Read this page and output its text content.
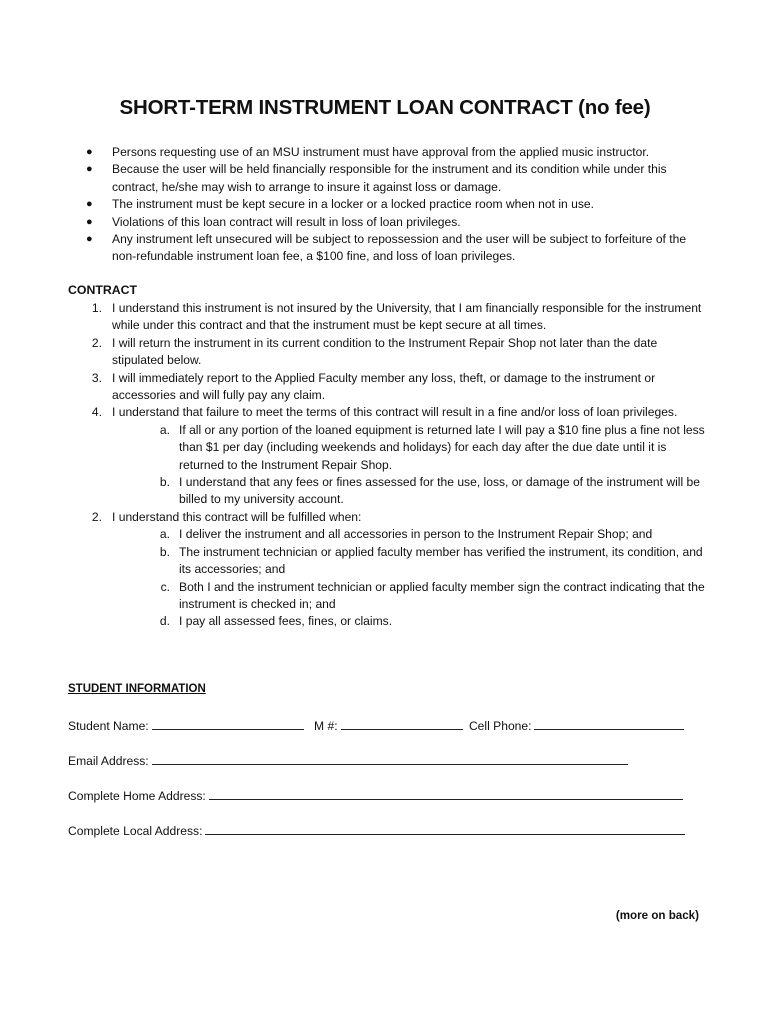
SHORT-TERM INSTRUMENT LOAN CONTRACT (no fee)
● Persons requesting use of an MSU instrument must have approval from the applied music instructor.
● Because the user will be held financially responsible for the instrument and its condition while under this contract, he/she may wish to arrange to insure it against loss or damage.
● The instrument must be kept secure in a locker or a locked practice room when not in use.
● Violations of this loan contract will result in loss of loan privileges.
● Any instrument left unsecured will be subject to repossession and the user will be subject to forfeiture of the non-refundable instrument loan fee, a $100 fine, and loss of loan privileges.
CONTRACT
1. I understand this instrument is not insured by the University, that I am financially responsible for the instrument while under this contract and that the instrument must be kept secure at all times.
2. I will return the instrument in its current condition to the Instrument Repair Shop not later than the date stipulated below.
3. I will immediately report to the Applied Faculty member any loss, theft, or damage to the instrument or accessories and will fully pay any claim.
4. I understand that failure to meet the terms of this contract will result in a fine and/or loss of loan privileges.
a. If all or any portion of the loaned equipment is returned late I will pay a $10 fine plus a fine not less than $1 per day (including weekends and holidays) for each day after the due date until it is returned to the Instrument Repair Shop.
b. I understand that any fees or fines assessed for the use, loss, or damage of the instrument will be billed to my university account.
2. I understand this contract will be fulfilled when:
a. I deliver the instrument and all accessories in person to the Instrument Repair Shop; and
b. The instrument technician or applied faculty member has verified the instrument, its condition, and its accessories; and
c. Both I and the instrument technician or applied faculty member sign the contract indicating that the instrument is checked in; and
d. I pay all assessed fees, fines, or claims.
STUDENT INFORMATION
Student Name:	M #:	Cell Phone:
Email Address:
Complete Home Address:
Complete Local Address:
(more on back)
